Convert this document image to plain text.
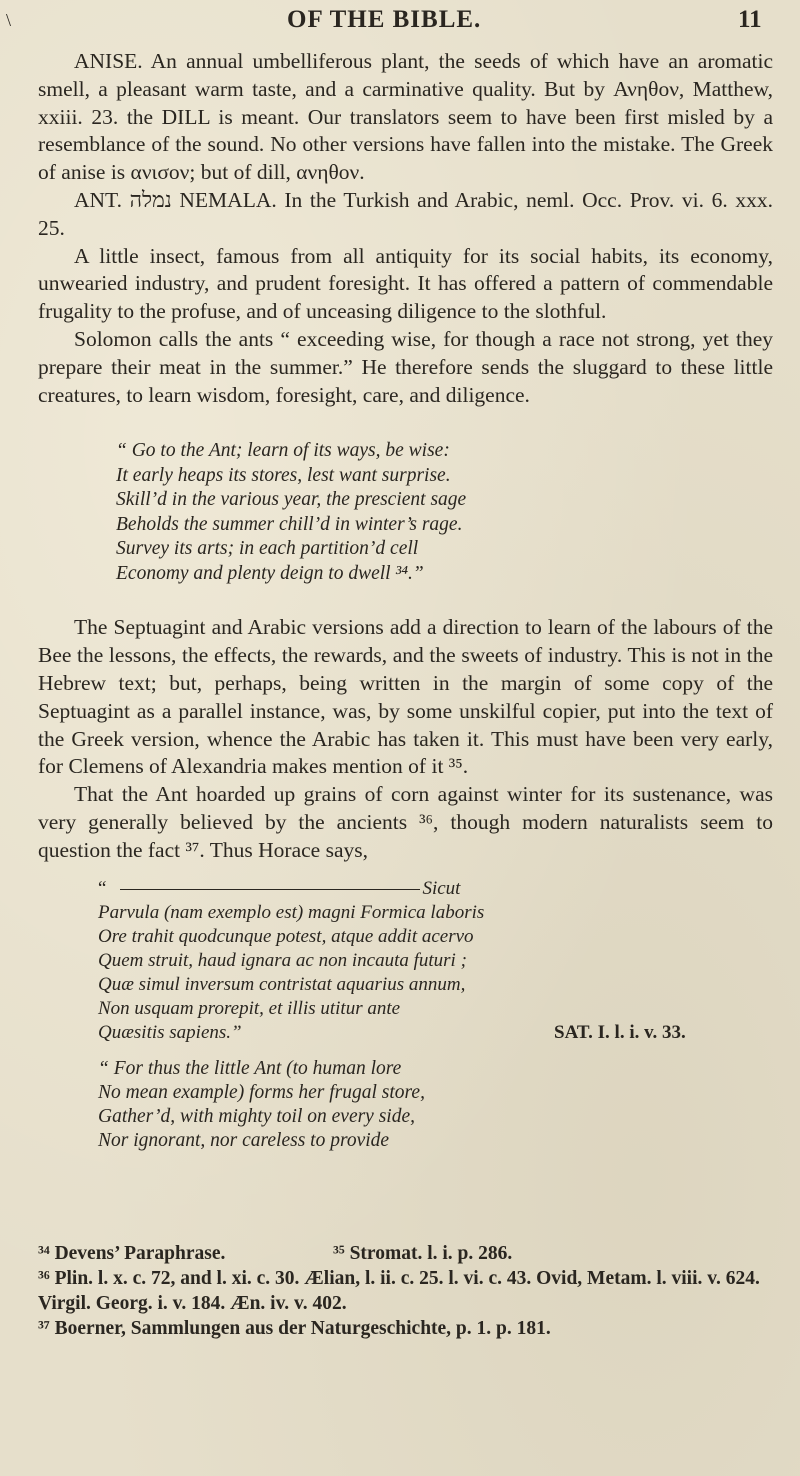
\	OF THE BIBLE.	11

ANISE. An annual umbelliferous plant, the seeds of which have an aromatic smell, a pleasant warm taste, and a carminative quality. But by Ανηθον, Matthew, xxiii. 23. the DILL is meant. Our translators seem to have been first misled by a resemblance of the sound. No other versions have fallen into the mistake. The Greek of anise is ανισον; but of dill, ανηθον.

ANT. נמלה NEMALA. In the Turkish and Arabic, neml. Occ. Prov. vi. 6. xxx. 25.

A little insect, famous from all antiquity for its social habits, its economy, unwearied industry, and prudent foresight. It has offered a pattern of commendable frugality to the profuse, and of unceasing diligence to the slothful.

Solomon calls the ants “ exceeding wise, for though a race not strong, yet they prepare their meat in the summer.” He therefore sends the sluggard to these little creatures, to learn wisdom, foresight, care, and diligence.

“ Go to the Ant; learn of its ways, be wise:
It early heaps its stores, lest want surprise.
Skill’d in the various year, the prescient sage
Beholds the summer chill’d in winter’s rage.
Survey its arts; in each partition’d cell
Economy and plenty deign to dwell ³⁴.”

The Septuagint and Arabic versions add a direction to learn of the labours of the Bee the lessons, the effects, the rewards, and the sweets of industry. This is not in the Hebrew text; but, perhaps, being written in the margin of some copy of the Septuagint as a parallel instance, was, by some unskilful copier, put into the text of the Greek version, whence the Arabic has taken it. This must have been very early, for Clemens of Alexandria makes mention of it ³⁵.

That the Ant hoarded up grains of corn against winter for its sustenance, was very generally believed by the ancients ³⁶, though modern naturalists seem to question the fact ³⁷. Thus Horace says,

“	Sicut
Parvula (nam exemplo est) magni Formica laboris
Ore trahit quodcunque potest, atque addit acervo
Quem struit, haud ignara ac non incauta futuri ;
Quæ simul inversum contristat aquarius annum,
Non usquam prorepit, et illis utitur ante
Quæsitis sapiens.”	SAT. I. l. i. v. 33.
“ For thus the little Ant (to human lore
No mean example) forms her frugal store,
Gather’d, with mighty toil on every side,
Nor ignorant, nor careless to provide
³⁴ Devens’ Paraphrase.	³⁵ Stromat. l. i. p. 286.
³⁶ Plin. l. x. c. 72, and l. xi. c. 30. Ælian, l. ii. c. 25. l. vi. c. 43. Ovid, Metam. l. viii. v. 624. Virgil. Georg. i. v. 184. Æn. iv. v. 402.
³⁷ Boerner, Sammlungen aus der Naturgeschichte, p. 1. p. 181.
